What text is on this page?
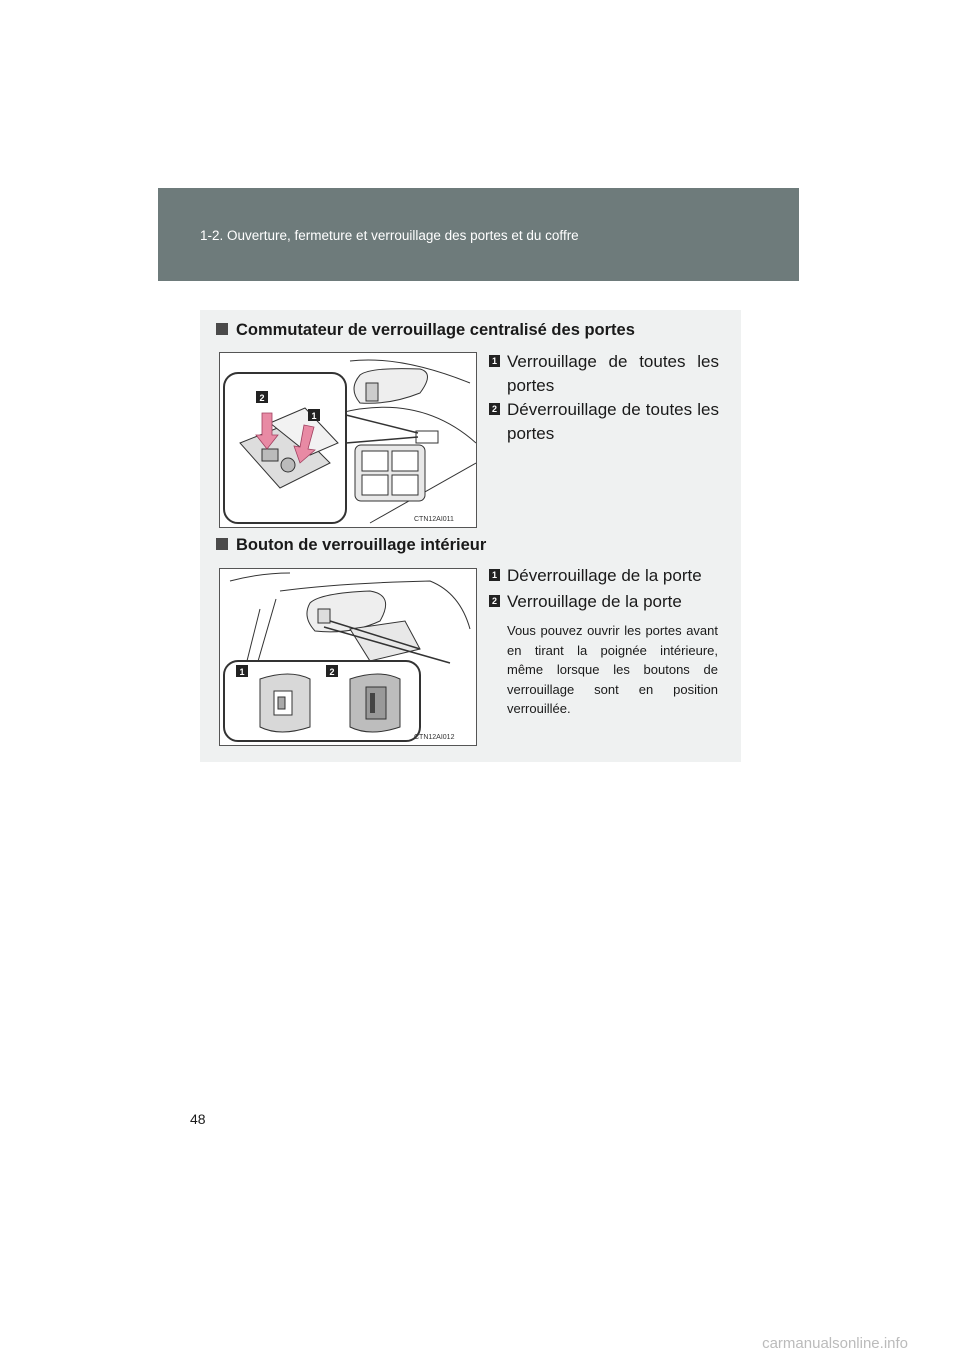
1-2. Ouverture, fermeture et verrouillage des portes et du coffre
Commutateur de verrouillage centralisé des portes
2
1
CTN12AI011
1 Verrouillage de toutes les portes
2 Déverrouillage de toutes les portes
Bouton de verrouillage intérieur
1	2
CTN12AI012
1 Déverrouillage de la porte
2 Verrouillage de la porte
Vous pouvez ouvrir les portes avant en tirant la poignée intérieure, même lorsque les boutons de verrouillage sont en position verrouillée.
48
carmanualsonline.info
